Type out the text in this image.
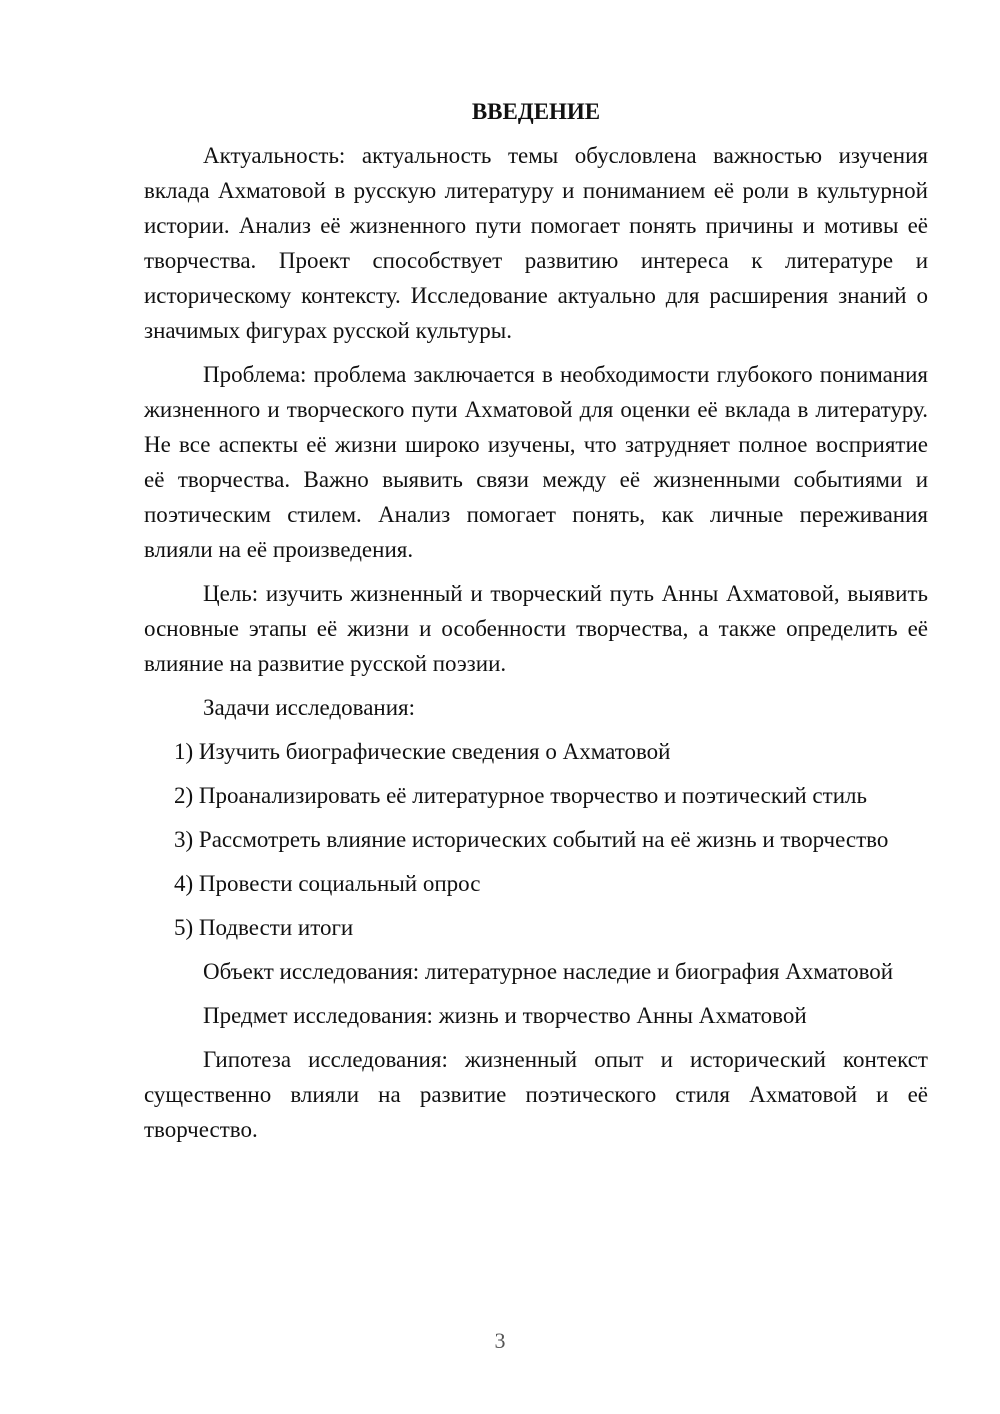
ВВЕДЕНИЕ

Актуальность: актуальность темы обусловлена важностью изучения вклада Ахматовой в русскую литературу и пониманием её роли в культурной истории. Анализ её жизненного пути помогает понять причины и мотивы её творчества. Проект способствует развитию интереса к литературе и историческому контексту. Исследование актуально для расширения знаний о значимых фигурах русской культуры.

Проблема: проблема заключается в необходимости глубокого понимания жизненного и творческого пути Ахматовой для оценки её вклада в литературу. Не все аспекты её жизни широко изучены, что затрудняет полное восприятие её творчества. Важно выявить связи между её жизненными событиями и поэтическим стилем. Анализ помогает понять, как личные переживания влияли на её произведения.

Цель: изучить жизненный и творческий путь Анны Ахматовой, выявить основные этапы её жизни и особенности творчества, а также определить её влияние на развитие русской поэзии.

Задачи исследования:

1) Изучить биографические сведения о Ахматовой

2) Проанализировать её литературное творчество и поэтический стиль

3) Рассмотреть влияние исторических событий на её жизнь и творчество

4) Провести социальный опрос

5) Подвести итоги

Объект исследования: литературное наследие и биография Ахматовой

Предмет исследования: жизнь и творчество Анны Ахматовой

Гипотеза исследования: жизненный опыт и исторический контекст существенно влияли на развитие поэтического стиля Ахматовой и её творчество.

3
